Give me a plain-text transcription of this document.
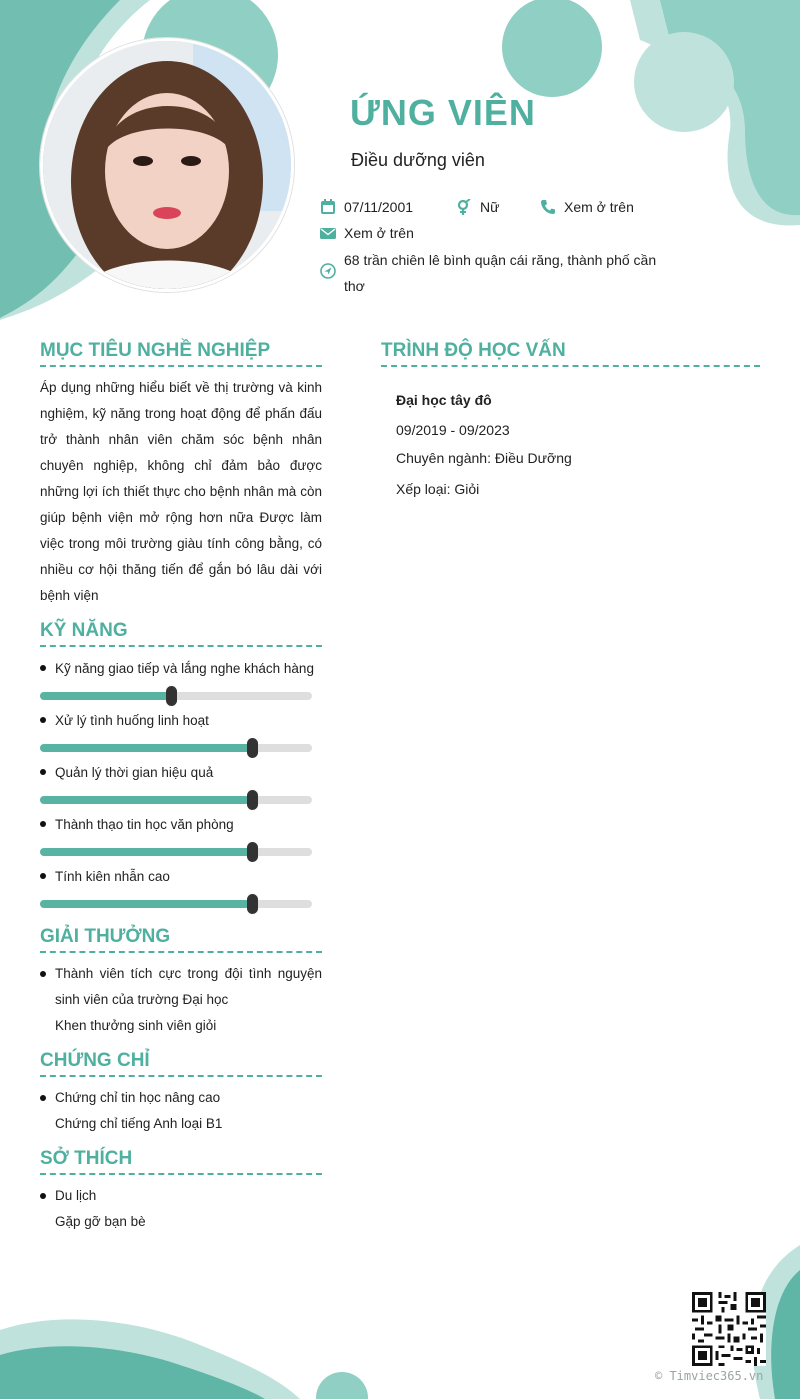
ỨNG VIÊN
Điều dưỡng viên
07/11/2001	Nữ	Xem ở trên
Xem ở trên
68 trần chiên lê bình quận cái răng, thành phố cần thơ
MỤC TIÊU NGHỀ NGHIỆP

Áp dụng những hiểu biết về thị trường và kinh nghiệm, kỹ năng trong hoạt động để phấn đấu trở thành nhân viên chăm sóc bệnh nhân chuyên nghiệp, không chỉ đảm bảo được những lợi ích thiết thực cho bệnh nhân mà còn giúp bệnh viện mở rộng hơn nữa Được làm việc trong môi trường giàu tính công bằng, có nhiều cơ hội thăng tiến để gắn bó lâu dài với bệnh viện

KỸ NĂNG
Kỹ năng giao tiếp và lắng nghe khách hàng
Xử lý tình huống linh hoạt
Quản lý thời gian hiệu quả
Thành thạo tin học văn phòng
Tính kiên nhẫn cao
GIẢI THƯỞNG
Thành viên tích cực trong đội tình nguyện sinh viên của trường Đại học
Khen thưởng sinh viên giỏi
CHỨNG CHỈ
Chứng chỉ tin học nâng cao
Chứng chỉ tiếng Anh loại B1
SỞ THÍCH
Du lịch
Gặp gỡ bạn bè
TRÌNH ĐỘ HỌC VẤN
Đại học tây đô
09/2019 - 09/2023
Chuyên ngành: Điều Dưỡng
Xếp loại: Giỏi
© Timviec365.vn
